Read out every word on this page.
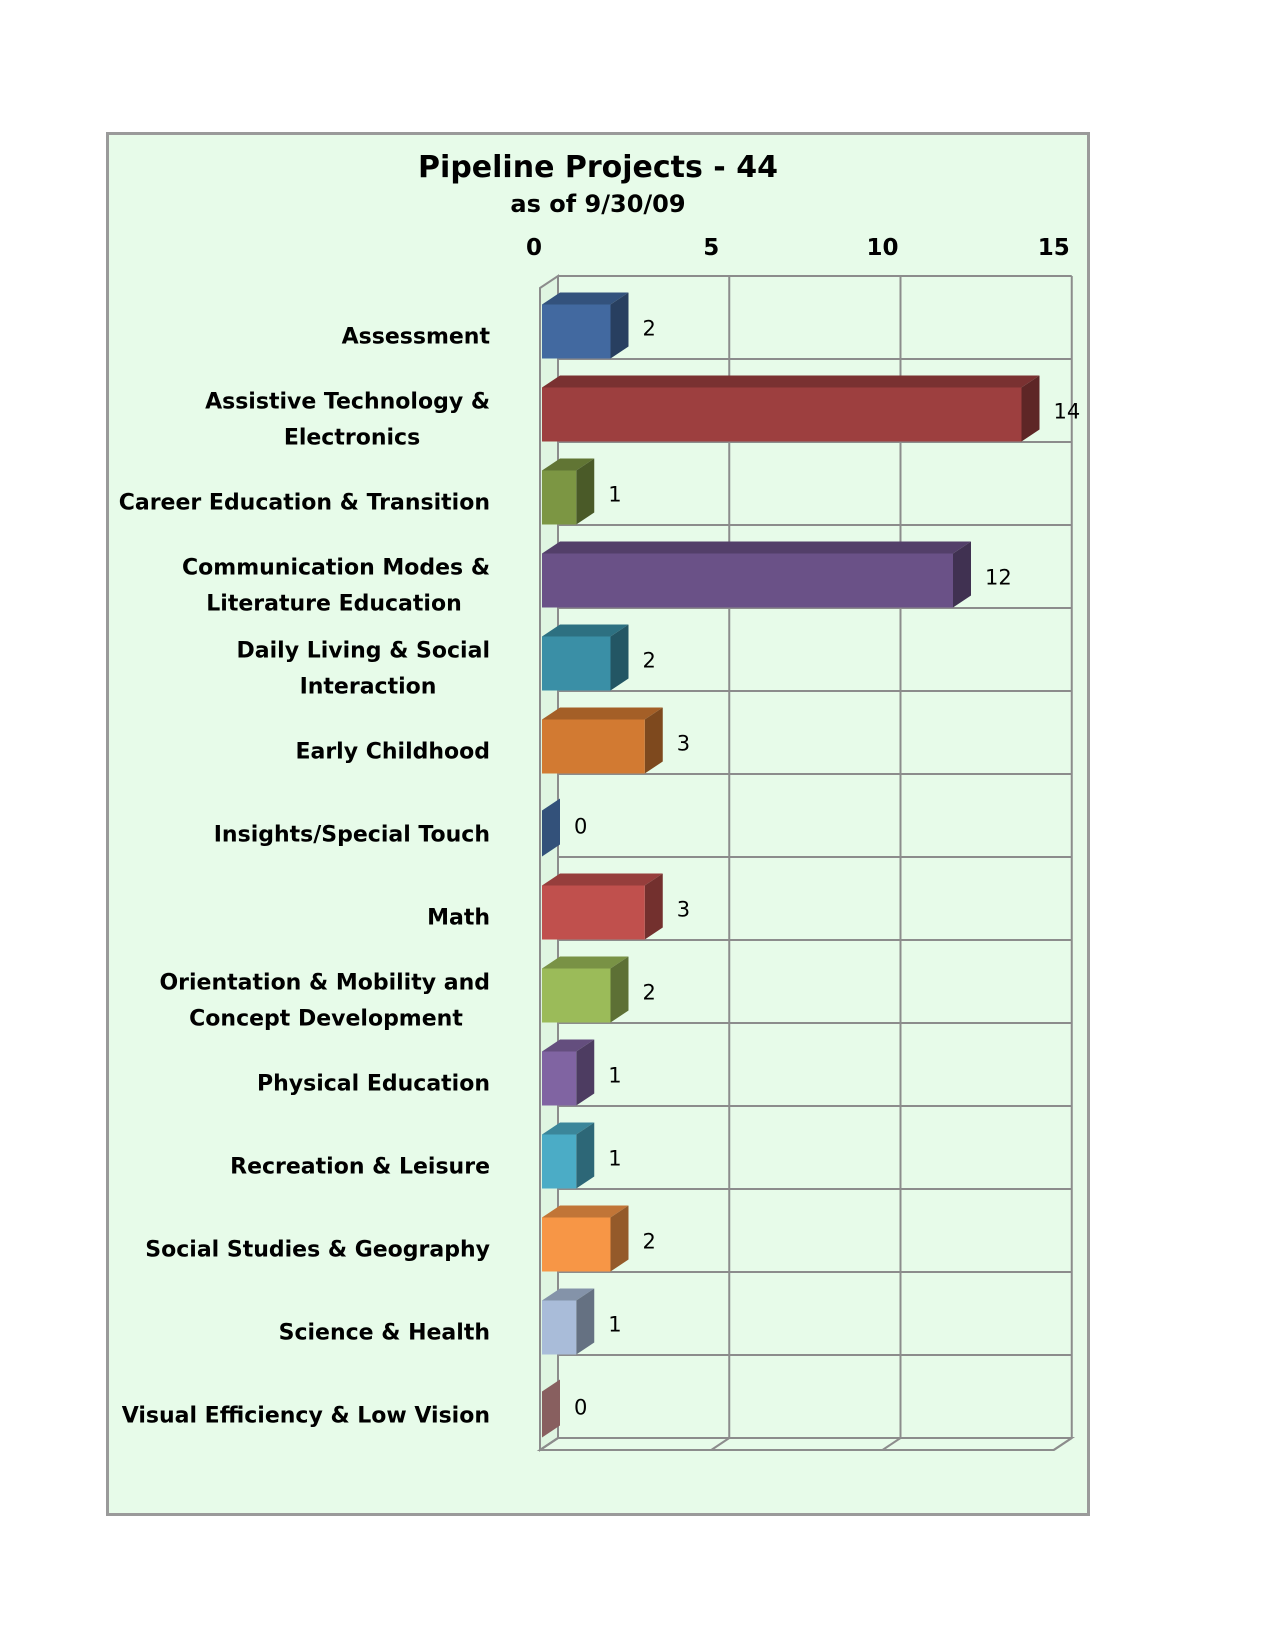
Pipeline Projects - 44
as of 9/30/09
0	5	10	15
2
Assessment
14
Assistive Technology & Electronics
1
Career Education & Transition
12
Communication Modes & Literature Education
2
Daily Living & Social Interaction
3
Early Childhood
0
Insights/Special Touch
3
Math
2
Orientation & Mobility and Concept Development
1
Physical Education
1
Recreation & Leisure
2
Social Studies & Geography
1
Science & Health
0
Visual Efficiency & Low Vision
